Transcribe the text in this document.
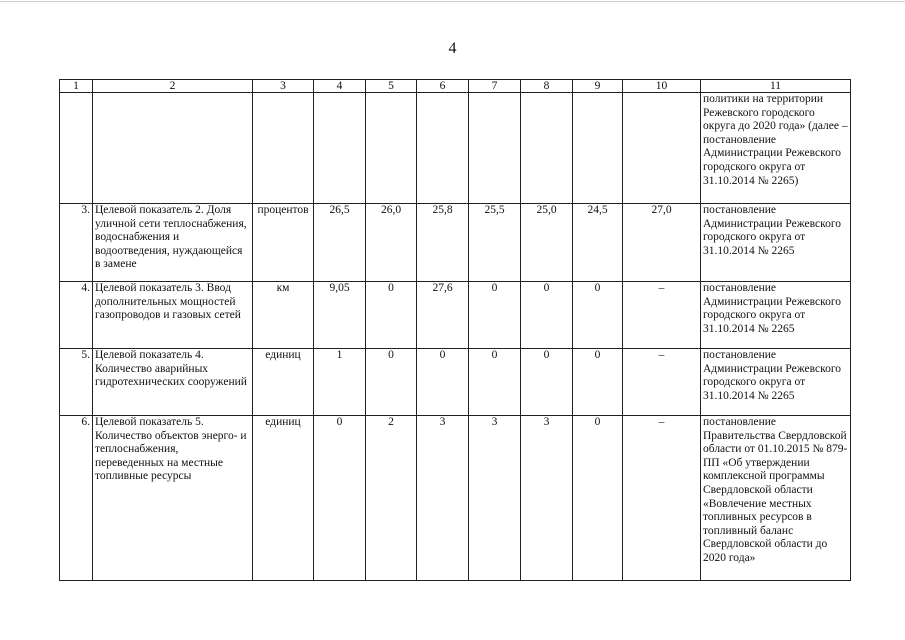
4
1	2	3	4	5	6	7	8	9	10	11
										политики на территории Режевского городского округа до 2020 года» (далее – постановление Администрации Режевского городского округа от 31.10.2014 № 2265)
3.	Целевой показатель 2. Доля уличной сети теплоснабжения, водоснабжения и водоотведения, нуждающейся в замене	процентов	26,5	26,0	25,8	25,5	25,0	24,5	27,0	постановление Администрации Режевского городского округа от 31.10.2014 № 2265
4.	Целевой показатель 3. Ввод дополнительных мощностей газопроводов и газовых сетей	км	9,05	0	27,6	0	0	0	–	постановление Администрации Режевского городского округа от 31.10.2014 № 2265
5.	Целевой показатель 4. Количество аварийных гидротехнических сооружений	единиц	1	0	0	0	0	0	–	постановление Администрации Режевского городского округа от 31.10.2014 № 2265
6.	Целевой показатель 5. Количество объектов энерго- и теплоснабжения, переведенных на местные топливные ресурсы	единиц	0	2	3	3	3	0	–	постановление Правительства Свердловской области от 01.10.2015 № 879-ПП «Об утверждении комплексной программы Свердловской области «Вовлечение местных топливных ресурсов в топливный баланс Свердловской области до 2020 года»
